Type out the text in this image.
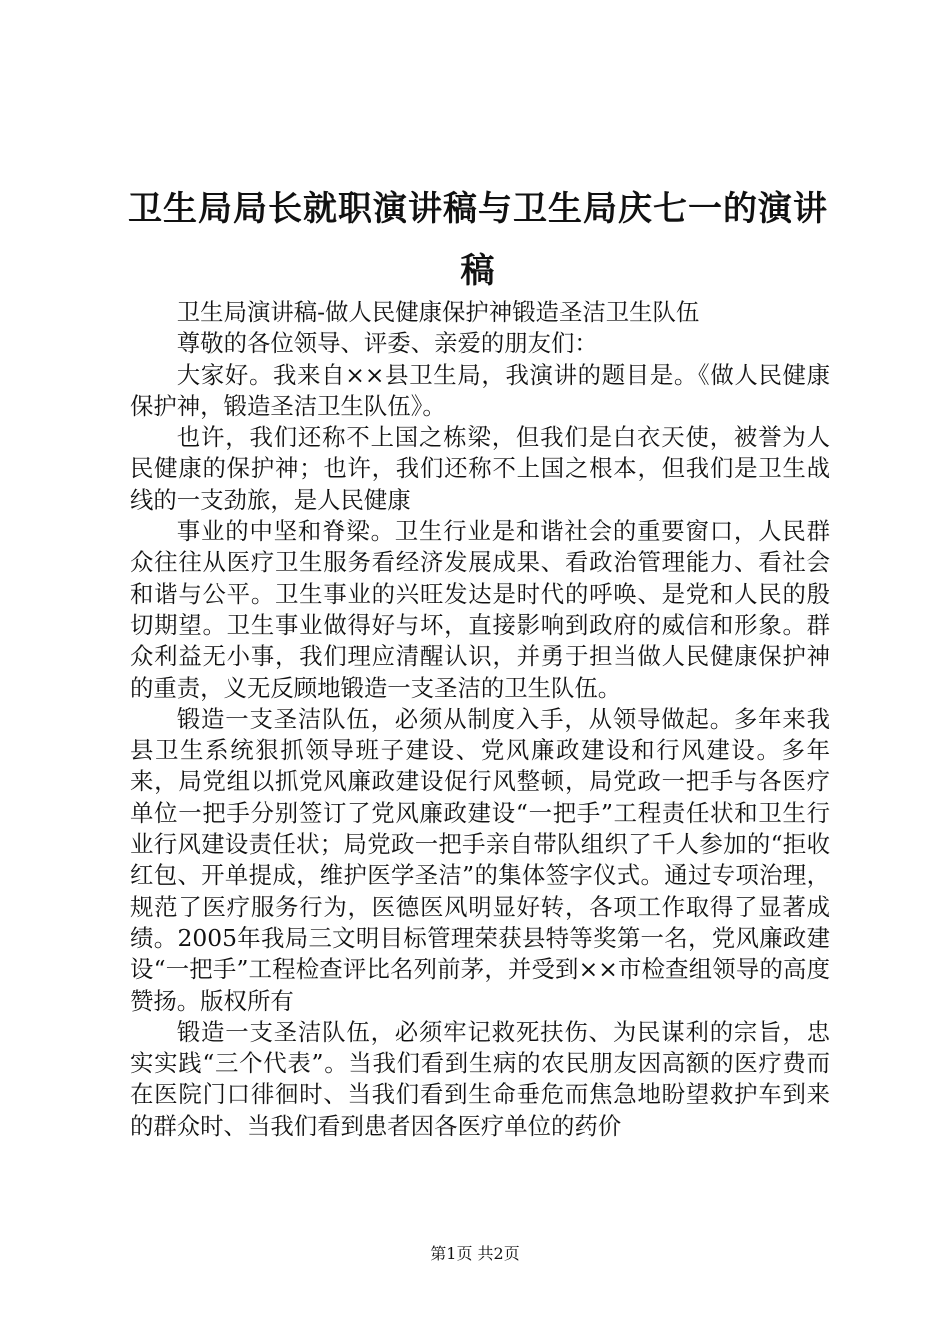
卫生局局长就职演讲稿与卫生局庆七一的演讲稿

卫生局演讲稿-做人民健康保护神锻造圣洁卫生队伍

尊敬的各位领导、评委、亲爱的朋友们：

大家好。我来自××县卫生局，我演讲的题目是。《做人民健康保护神，锻造圣洁卫生队伍》。

也许，我们还称不上国之栋梁，但我们是白衣天使，被誉为人民健康的保护神；也许，我们还称不上国之根本，但我们是卫生战线的一支劲旅，是人民健康

事业的中坚和脊梁。卫生行业是和谐社会的重要窗口，人民群众往往从医疗卫生服务看经济发展成果、看政治管理能力、看社会和谐与公平。卫生事业的兴旺发达是时代的呼唤、是党和人民的殷切期望。卫生事业做得好与坏，直接影响到政府的威信和形象。群众利益无小事，我们理应清醒认识，并勇于担当做人民健康保护神的重责，义无反顾地锻造一支圣洁的卫生队伍。

锻造一支圣洁队伍，必须从制度入手，从领导做起。多年来我县卫生系统狠抓领导班子建设、党风廉政建设和行风建设。多年来，局党组以抓党风廉政建设促行风整顿，局党政一把手与各医疗单位一把手分别签订了党风廉政建设“一把手”工程责任状和卫生行业行风建设责任状；局党政一把手亲自带队组织了千人参加的“拒收红包、开单提成，维护医学圣洁”的集体签字仪式。通过专项治理，规范了医疗服务行为，医德医风明显好转，各项工作取得了显著成绩。2005年我局三文明目标管理荣获县特等奖第一名，党风廉政建设“一把手”工程检查评比名列前茅，并受到××市检查组领导的高度赞扬。版权所有

锻造一支圣洁队伍，必须牢记救死扶伤、为民谋利的宗旨，忠实实践“三个代表”。当我们看到生病的农民朋友因高额的医疗费而在医院门口徘徊时、当我们看到生命垂危而焦急地盼望救护车到来的群众时、当我们看到患者因各医疗单位的药价

第1页 共2页
